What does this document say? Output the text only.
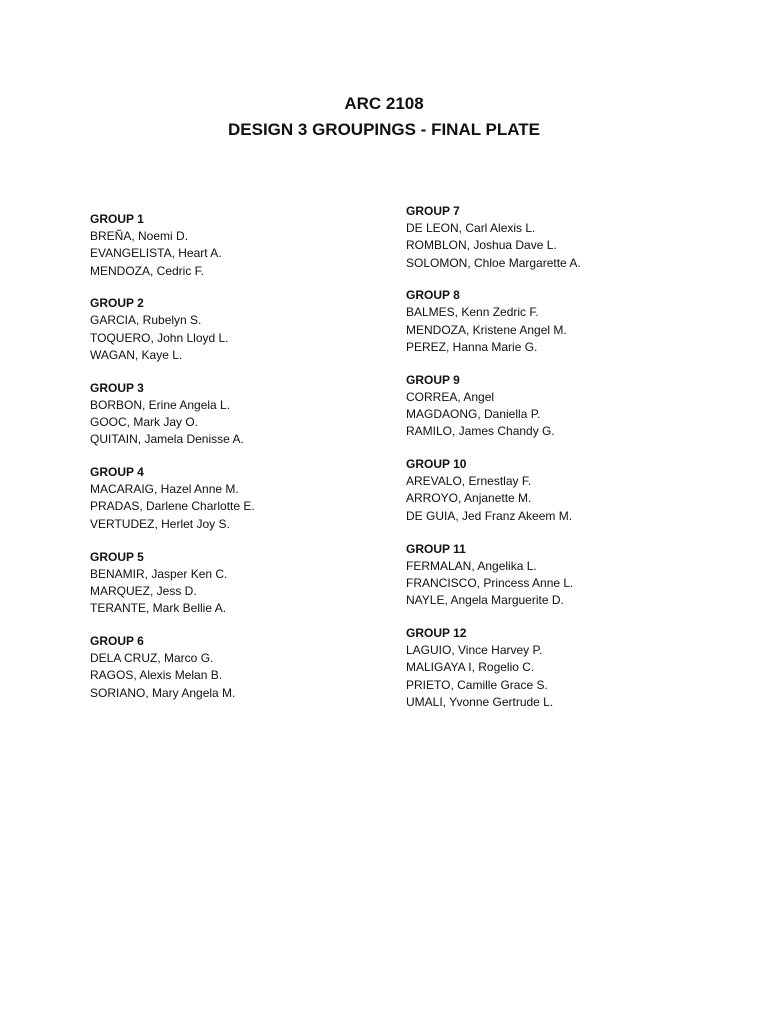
ARC 2108
DESIGN 3 GROUPINGS - FINAL PLATE
GROUP 1
BREÑA, Noemi D.
EVANGELISTA, Heart A.
MENDOZA, Cedric F.
GROUP 2
GARCIA, Rubelyn S.
TOQUERO, John Lloyd L.
WAGAN, Kaye L.
GROUP 3
BORBON, Erine Angela L.
GOOC, Mark Jay O.
QUITAIN, Jamela Denisse A.
GROUP 4
MACARAIG, Hazel Anne M.
PRADAS, Darlene Charlotte E.
VERTUDEZ, Herlet Joy S.
GROUP 5
BENAMIR, Jasper Ken C.
MARQUEZ, Jess D.
TERANTE, Mark Bellie A.
GROUP 6
DELA CRUZ, Marco G.
RAGOS, Alexis Melan B.
SORIANO, Mary Angela M.
GROUP 7
DE LEON, Carl Alexis L.
ROMBLON, Joshua Dave L.
SOLOMON, Chloe Margarette A.
GROUP 8
BALMES, Kenn Zedric F.
MENDOZA, Kristene Angel M.
PEREZ, Hanna Marie G.
GROUP 9
CORREA, Angel
MAGDAONG, Daniella P.
RAMILO, James Chandy G.
GROUP 10
AREVALO, Ernestlay F.
ARROYO, Anjanette M.
DE GUIA, Jed Franz Akeem M.
GROUP 11
FERMALAN, Angelika L.
FRANCISCO, Princess Anne L.
NAYLE, Angela Marguerite D.
GROUP 12
LAGUIO, Vince Harvey P.
MALIGAYA I, Rogelio C.
PRIETO, Camille Grace S.
UMALI, Yvonne Gertrude L.
